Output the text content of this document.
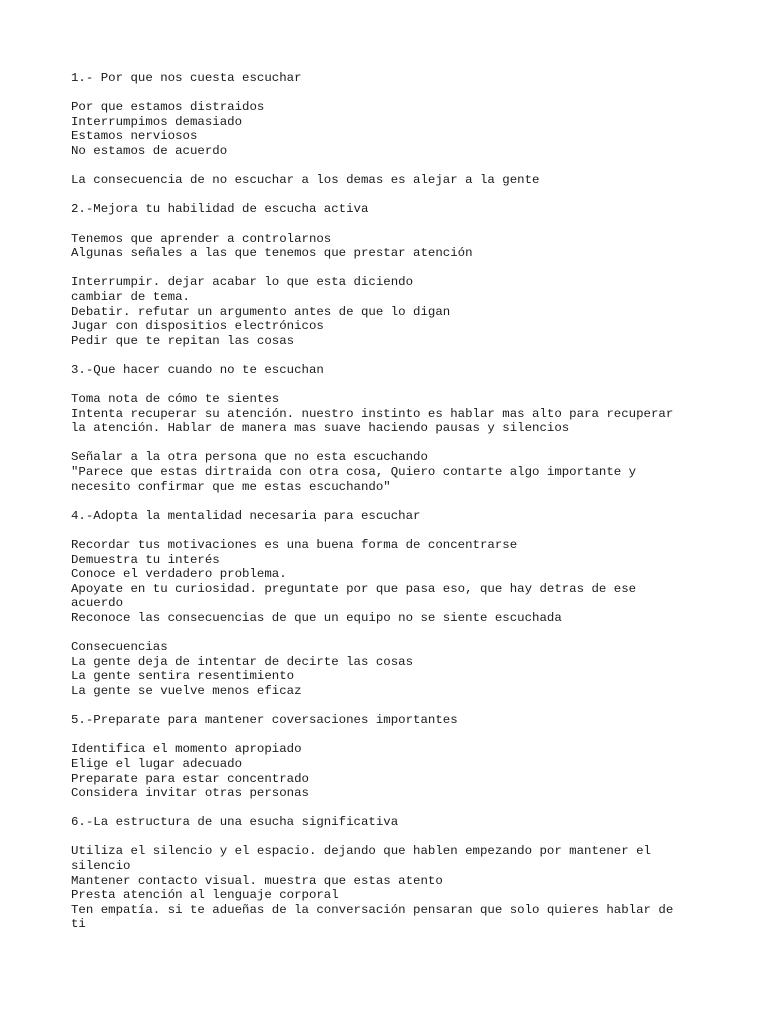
1.- Por que nos cuesta escuchar
Por que estamos distraidos
Interrumpimos demasiado
Estamos nerviosos
No estamos de acuerdo
La consecuencia de no escuchar a los demas es alejar a la gente
2.-Mejora tu habilidad de escucha activa
Tenemos que aprender a controlarnos
Algunas señales a las que tenemos que prestar atención
Interrumpir. dejar acabar lo que esta diciendo
cambiar de tema.
Debatir. refutar un argumento antes de que lo digan
Jugar con dispositios electrónicos
Pedir que te repitan las cosas
3.-Que hacer cuando no te escuchan
Toma nota de cómo te sientes
Intenta recuperar su atención. nuestro instinto es hablar mas alto para recuperar
la atención. Hablar de manera mas suave haciendo pausas y silencios
Señalar a la otra persona que no esta escuchando
"Parece que estas dirtraida con otra cosa, Quiero contarte algo importante y
necesito confirmar que me estas escuchando"
4.-Adopta la mentalidad necesaria para escuchar
Recordar tus motivaciones es una buena forma de concentrarse
Demuestra tu interés
Conoce el verdadero problema.
Apoyate en tu curiosidad. preguntate por que pasa eso, que hay detras de ese
acuerdo
Reconoce las consecuencias de que un equipo no se siente escuchada
Consecuencias
La gente deja de intentar de decirte las cosas
La gente sentira resentimiento
La gente se vuelve menos eficaz
5.-Preparate para mantener coversaciones importantes
Identifica el momento apropiado
Elige el lugar adecuado
Preparate para estar concentrado
Considera invitar otras personas
6.-La estructura de una esucha significativa
Utiliza el silencio y el espacio. dejando que hablen empezando por mantener el
silencio
Mantener contacto visual. muestra que estas atento
Presta atención al lenguaje corporal
Ten empatía. si te adueñas de la conversación pensaran que solo quieres hablar de
ti
